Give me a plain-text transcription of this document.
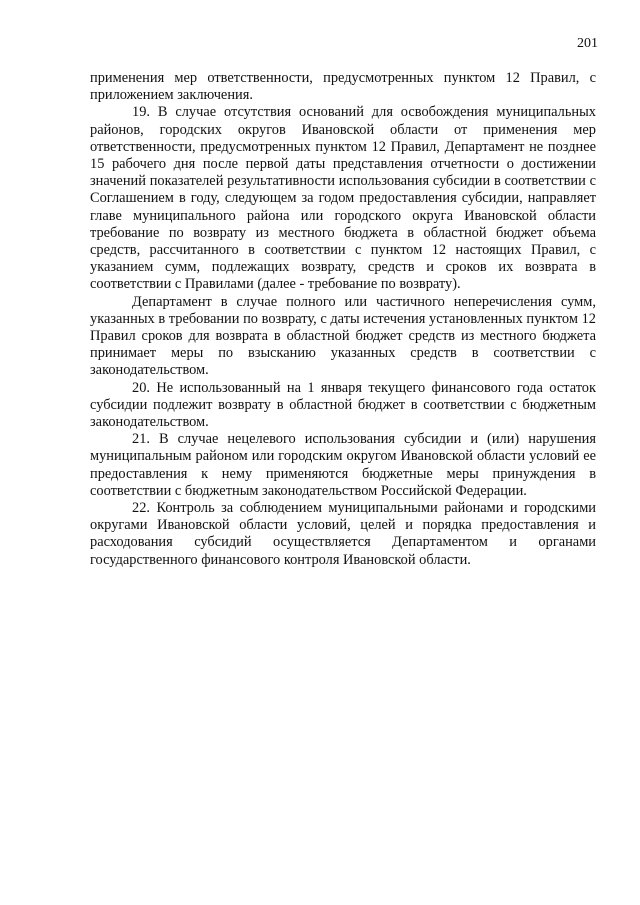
201

применения мер ответственности, предусмотренных пунктом 12 Правил, с приложением заключения.

19. В случае отсутствия оснований для освобождения муниципальных районов, городских округов Ивановской области от применения мер ответственности, предусмотренных пунктом 12 Правил, Департамент не позднее 15 рабочего дня после первой даты представления отчетности о достижении значений показателей результативности использования субсидии в соответствии с Соглашением в году, следующем за годом предоставления субсидии, направляет главе муниципального района или городского округа Ивановской области требование по возврату из местного бюджета в областной бюджет объема средств, рассчитанного в соответствии с пунктом 12 настоящих Правил, с указанием сумм, подлежащих возврату, средств и сроков их возврата в соответствии с Правилами (далее - требование по возврату).

Департамент в случае полного или частичного неперечисления сумм, указанных в требовании по возврату, с даты истечения установленных пунктом 12 Правил сроков для возврата в областной бюджет средств из местного бюджета принимает меры по взысканию указанных средств в соответствии с законодательством.

20. Не использованный на 1 января текущего финансового года остаток субсидии подлежит возврату в областной бюджет в соответствии с бюджетным законодательством.

21. В случае нецелевого использования субсидии и (или) нарушения муниципальным районом или городским округом Ивановской области условий ее предоставления к нему применяются бюджетные меры принуждения в соответствии с бюджетным законодательством Российской Федерации.

22. Контроль за соблюдением муниципальными районами и городскими округами Ивановской области условий, целей и порядка предоставления и расходования субсидий осуществляется Департаментом и органами государственного финансового контроля Ивановской области.
